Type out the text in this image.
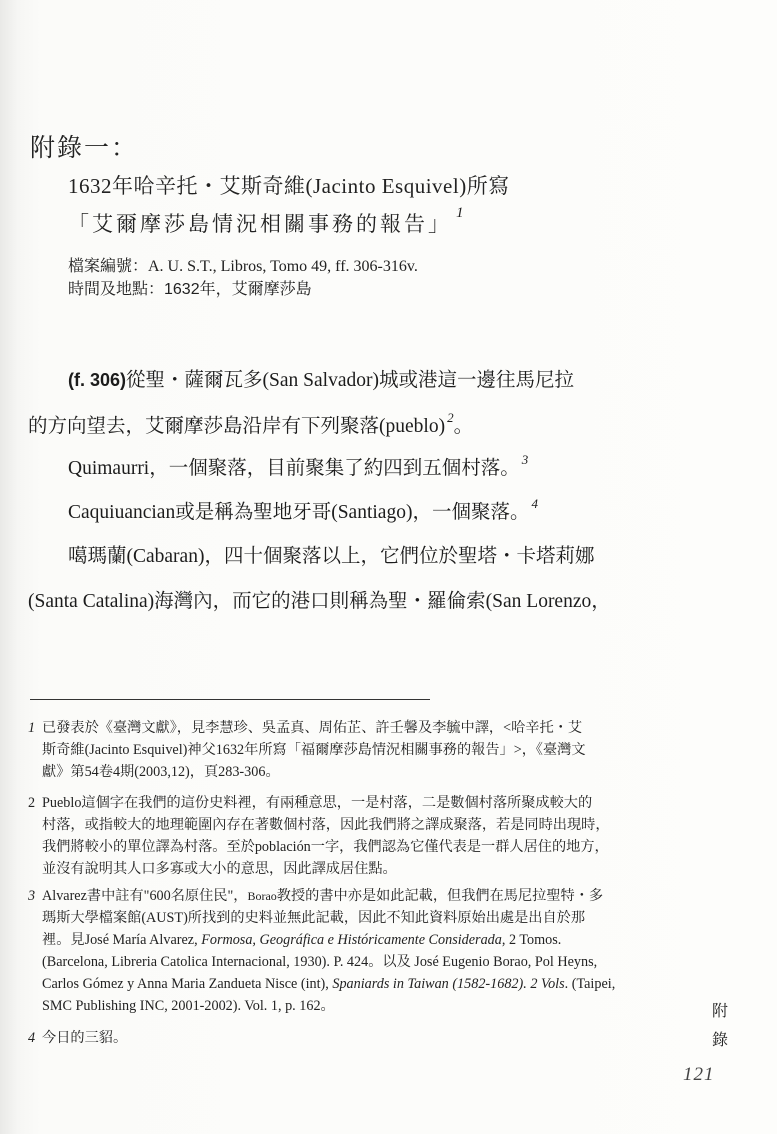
附錄一：
1632年哈辛托・艾斯奇維(Jacinto Esquivel)所寫
「艾爾摩莎島情況相關事務的報告」 $^1$
檔案編號：A. U. S.T., Libros, Tomo 49, ff. 306-316v.
時間及地點：1632年，艾爾摩莎島
(f. 306)從聖・薩爾瓦多(San Salvador)城或港這一邊往馬尼拉
的方向望去，艾爾摩莎島沿岸有下列聚落(pueblo) $^2$。
Quimaurri，一個聚落，目前聚集了約四到五個村落。 $^3$
Caquiuancian或是稱為聖地牙哥(Santiago)，一個聚落。 $^4$
噶瑪蘭(Cabaran)，四十個聚落以上，它們位於聖塔・卡塔莉娜
(Santa Catalina)海灣內，而它的港口則稱為聖・羅倫索(San Lorenzo，
1 已發表於《臺灣文獻》，見李慧珍、吳孟真、周佑芷、許壬馨及李毓中譯，<哈辛托・艾
斯奇維(Jacinto Esquivel)神父1632年所寫「福爾摩莎島情況相關事務的報告」>，《臺灣文
獻》第54卷4期(2003,12)，頁283-306。
2 Pueblo這個字在我們的這份史料裡，有兩種意思，一是村落，二是數個村落所聚成較大的
村落，或指較大的地理範圍內存在著數個村落，因此我們將之譯成聚落，若是同時出現時，
我們將較小的單位譯為村落。至於población一字，我們認為它僅代表是一群人居住的地方，
並沒有說明其人口多寡或大小的意思，因此譯成居住點。
3 Alvarez書中註有"600名原住民"，Borao教授的書中亦是如此記載，但我們在馬尼拉聖特・多
瑪斯大學檔案館(AUST)所找到的史料並無此記載，因此不知此資料原始出處是出自於那
裡。見José María Alvarez, Formosa, Geográfica e Históricamente Considerada, 2 Tomos.
(Barcelona, Libreria Catolica Internacional, 1930). P. 424。以及 José Eugenio Borao, Pol Heyns,
Carlos Gómez y Anna Maria Zandueta Nisce (int), Spaniards in Taiwan (1582-1682). 2 Vols. (Taipei,
SMC Publishing INC, 2001-2002). Vol. 1, p. 162。
4 今日的三貂。
附
錄
121
